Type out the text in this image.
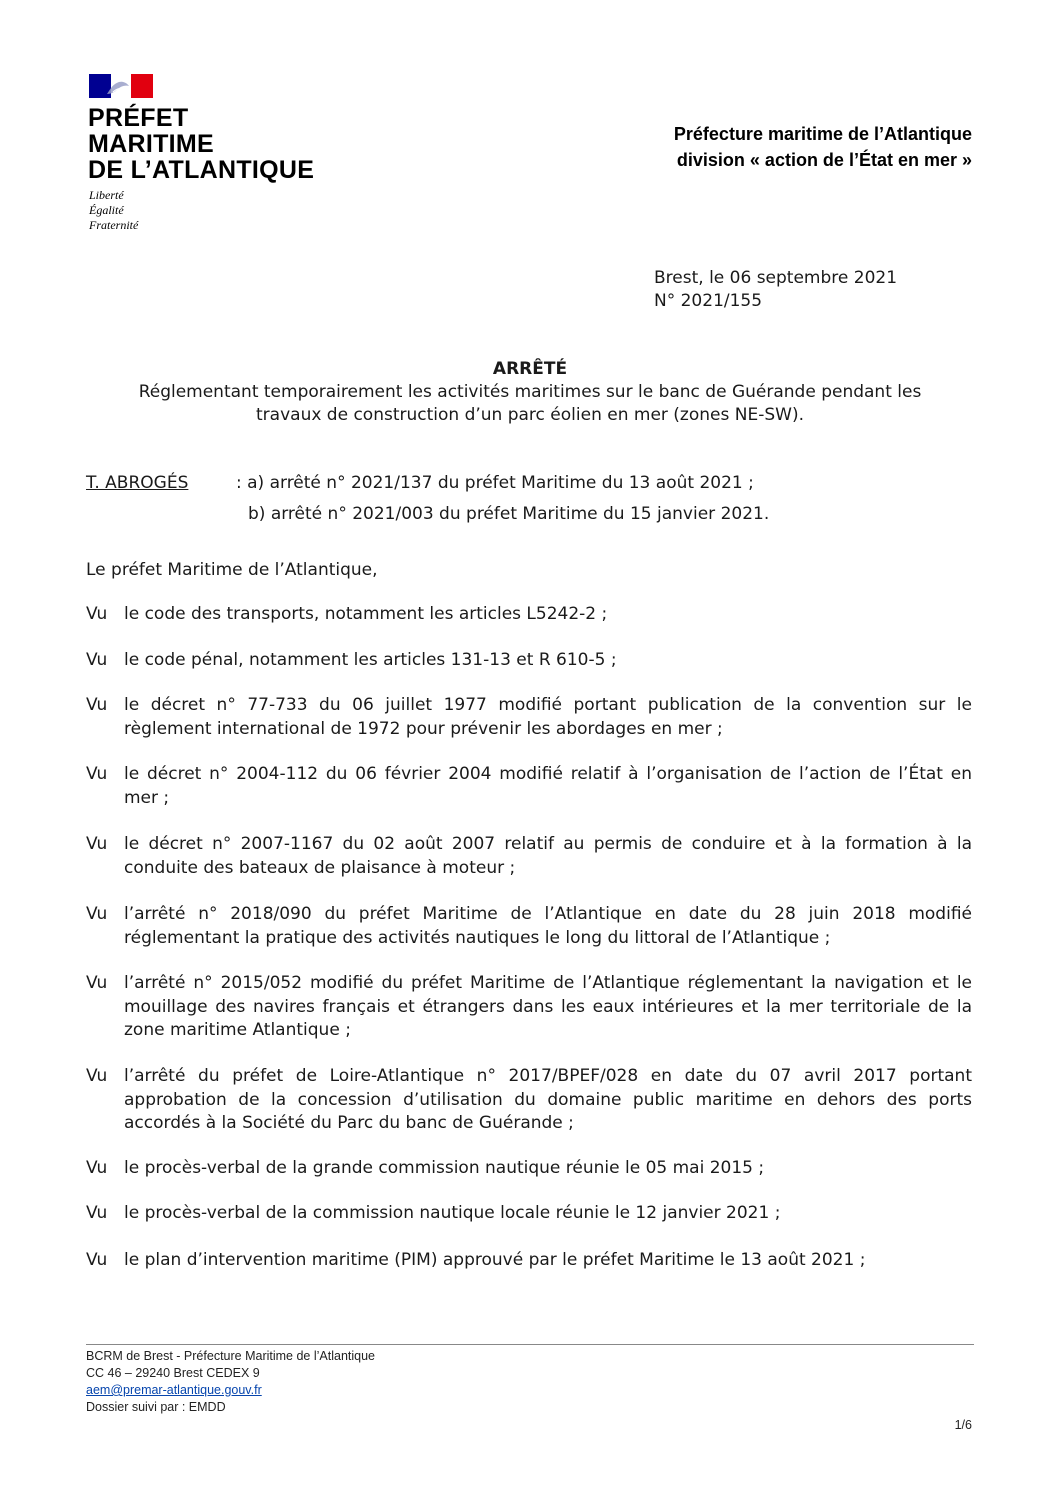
PRÉFET
MARITIME
DE L’ATLANTIQUE
Liberté
Égalité
Fraternité
Préfecture maritime de l’Atlantique
division « action de l’État en mer »
Brest, le 06 septembre 2021
N° 2021/155
ARRÊTÉ
Réglementant temporairement les activités maritimes sur le banc de Guérande pendant les
travaux de construction d’un parc éolien en mer (zones NE-SW).
T. ABROGÉS	: a) arrêté n° 2021/137 du préfet Maritime du 13 août 2021 ;
b) arrêté n° 2021/003 du préfet Maritime du 15 janvier 2021.
Le préfet Maritime de l’Atlantique,
Vu le code des transports, notamment les articles L5242-2 ;
Vu le code pénal, notamment les articles 131-13 et R 610-5 ;
Vu le décret n° 77-733 du 06 juillet 1977 modifié portant publication de la convention sur le règlement international de 1972 pour prévenir les abordages en mer ;
Vu le décret n° 2004-112 du 06 février 2004 modifié relatif à l’organisation de l’action de l’État en mer ;
Vu le décret n° 2007-1167 du 02 août 2007 relatif au permis de conduire et à la formation à la conduite des bateaux de plaisance à moteur ;
Vu l’arrêté n° 2018/090 du préfet Maritime de l’Atlantique en date du 28 juin 2018 modifié réglementant la pratique des activités nautiques le long du littoral de l’Atlantique ;
Vu l’arrêté n° 2015/052 modifié du préfet Maritime de l’Atlantique réglementant la navigation et le mouillage des navires français et étrangers dans les eaux intérieures et la mer territoriale de la zone maritime Atlantique ;
Vu l’arrêté du préfet de Loire-Atlantique n° 2017/BPEF/028 en date du 07 avril 2017 portant approbation de la concession d’utilisation du domaine public maritime en dehors des ports accordés à la Société du Parc du banc de Guérande ;
Vu le procès-verbal de la grande commission nautique réunie le 05 mai 2015 ;
Vu le procès-verbal de la commission nautique locale réunie le 12 janvier 2021 ;
Vu le plan d’intervention maritime (PIM) approuvé par le préfet Maritime le 13 août 2021 ;
BCRM de Brest - Préfecture Maritime de l’Atlantique
CC 46 – 29240 Brest CEDEX 9
aem@premar-atlantique.gouv.fr
Dossier suivi par : EMDD
1/6
